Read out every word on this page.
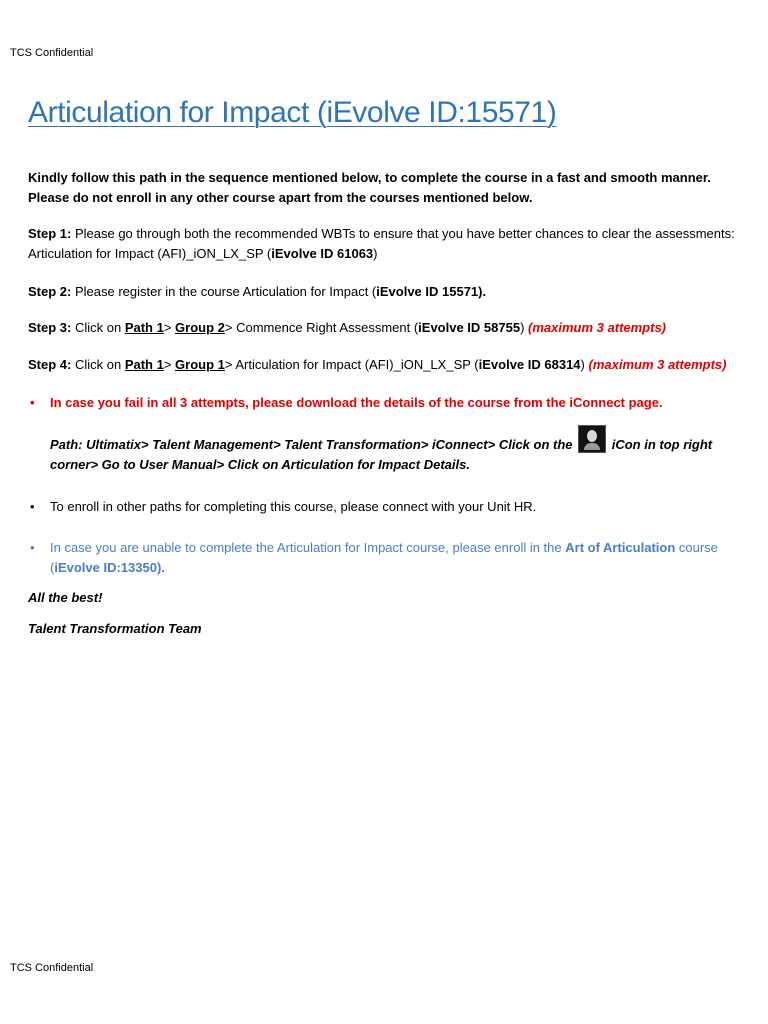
TCS Confidential
Articulation for Impact (iEvolve ID:15571)

Kindly follow this path in the sequence mentioned below, to complete the course in a fast and smooth manner.
Please do not enroll in any other course apart from the courses mentioned below.

Step 1: Please go through both the recommended WBTs to ensure that you have better chances to clear the assessments: Articulation for Impact (AFI)_iON_LX_SP (iEvolve ID 61063)

Step 2: Please register in the course Articulation for Impact (iEvolve ID 15571).

Step 3: Click on Path 1> Group 2> Commence Right Assessment (iEvolve ID 58755) (maximum 3 attempts)

Step 4: Click on Path 1> Group 1> Articulation for Impact (AFI)_iON_LX_SP (iEvolve ID 68314) (maximum 3 attempts)

• In case you fail in all 3 attempts, please download the details of the course from the iConnect page.
Path: Ultimatix> Talent Management> Talent Transformation> iConnect> Click on the  iCon in top right corner> Go to User Manual> Click on Articulation for Impact Details.
• To enroll in other paths for completing this course, please connect with your Unit HR.
• In case you are unable to complete the Articulation for Impact course, please enroll in the Art of Articulation course (iEvolve ID:13350).

All the best!

Talent Transformation Team

TCS Confidential
